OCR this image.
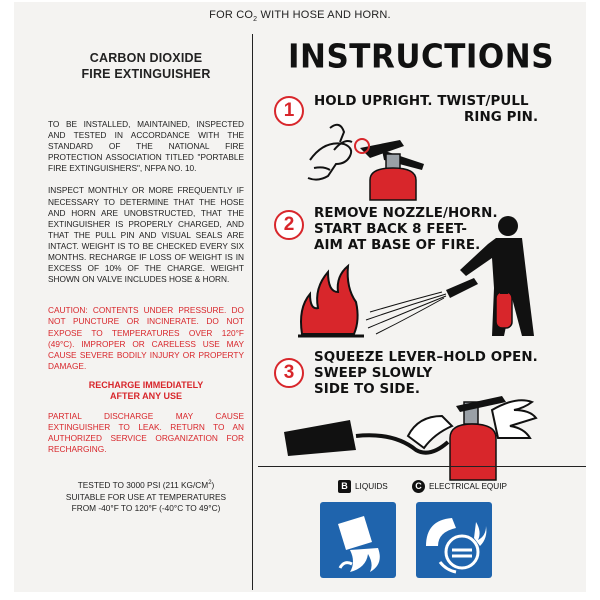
FOR $CO_2$ WITH HOSE AND HORN.
CARBON DIOXIDE
FIRE EXTINGUISHER

TO BE INSTALLED, MAINTAINED, INSPECTED AND TESTED IN ACCORDANCE WITH THE STANDARD OF THE NATIONAL FIRE PROTECTION ASSOCIATION TITLED "PORTABLE FIRE EXTINGUISHERS", NFPA NO. 10.

INSPECT MONTHLY OR MORE FREQUENTLY IF NECESSARY TO DETERMINE THAT THE HOSE AND HORN ARE UNOBSTRUCTED, THAT THE EXTINGUISHER IS PROPERLY CHARGED, AND THAT THE PULL PIN AND VISUAL SEALS ARE INTACT. WEIGHT IS TO BE CHECKED EVERY SIX MONTHS. RECHARGE IF LOSS OF WEIGHT IS IN EXCESS OF 10% OF THE CHARGE. WEIGHT SHOWN ON VALVE INCLUDES HOSE & HORN.

CAUTION: CONTENTS UNDER PRESSURE. DO NOT PUNCTURE OR INCINERATE. DO NOT EXPOSE TO TEMPERATURES OVER 120°F (49°C). IMPROPER OR CARELESS USE MAY CAUSE SEVERE BODILY INJURY OR PROPERTY DAMAGE.

RECHARGE IMMEDIATELY
AFTER ANY USE

PARTIAL DISCHARGE MAY CAUSE EXTINGUISHER TO LEAK. RETURN TO AN AUTHORIZED SERVICE ORGANIZATION FOR RECHARGING.

TESTED TO 3000 PSI (211 $KG/CM^2$)
SUITABLE FOR USE AT TEMPERATURES
FROM -40°F TO 120°F (-40°C TO 49°C)
INSTRUCTIONS
1	HOLD UPRIGHT. TWIST/PULL
RING PIN.
2
REMOVE NOZZLE/HORN.
START BACK 8 FEET-
AIM AT BASE OF FIRE.
3
SQUEEZE LEVER–HOLD OPEN.
SWEEP SLOWLY
SIDE TO SIDE.
B LIQUIDS	C ELECTRICAL EQUIP
